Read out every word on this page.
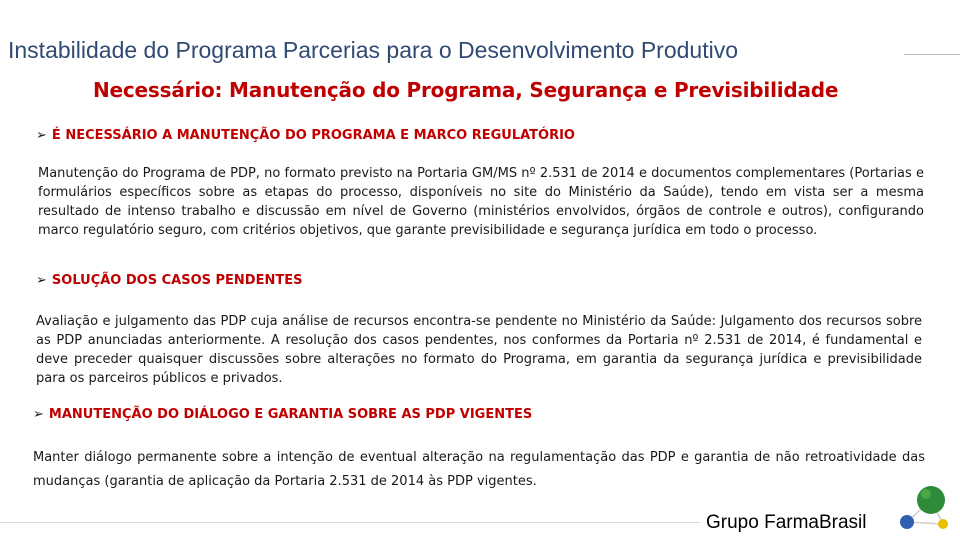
Instabilidade do Programa Parcerias para o Desenvolvimento Produtivo
Necessário: Manutenção do Programa, Segurança e Previsibilidade
➢ É NECESSÁRIO A MANUTENÇÃO DO PROGRAMA E MARCO REGULATÓRIO
Manutenção do Programa de PDP, no formato previsto na Portaria GM/MS nº 2.531 de 2014 e documentos complementares (Portarias e formulários específicos sobre as etapas do processo, disponíveis no site do Ministério da Saúde), tendo em vista ser a mesma resultado de intenso trabalho e discussão em nível de Governo (ministérios envolvidos, órgãos de controle e outros), configurando marco regulatório seguro, com critérios objetivos, que garante previsibilidade e segurança jurídica em todo o processo.
➢ SOLUÇÃO DOS CASOS PENDENTES
Avaliação e julgamento das PDP cuja análise de recursos encontra-se pendente no Ministério da Saúde: Julgamento dos recursos sobre as PDP anunciadas anteriormente. A resolução dos casos pendentes, nos conformes da Portaria nº 2.531 de 2014, é fundamental e deve preceder quaisquer discussões sobre alterações no formato do Programa, em garantia da segurança jurídica e previsibilidade para os parceiros públicos e privados.
➢ MANUTENÇÃO DO DIÁLOGO E GARANTIA SOBRE AS PDP VIGENTES
Manter diálogo permanente sobre a intenção de eventual alteração na regulamentação das PDP e garantia de não retroatividade das mudanças (garantia de aplicação da Portaria 2.531 de 2014 às PDP vigentes.
Grupo FarmaBrasil
